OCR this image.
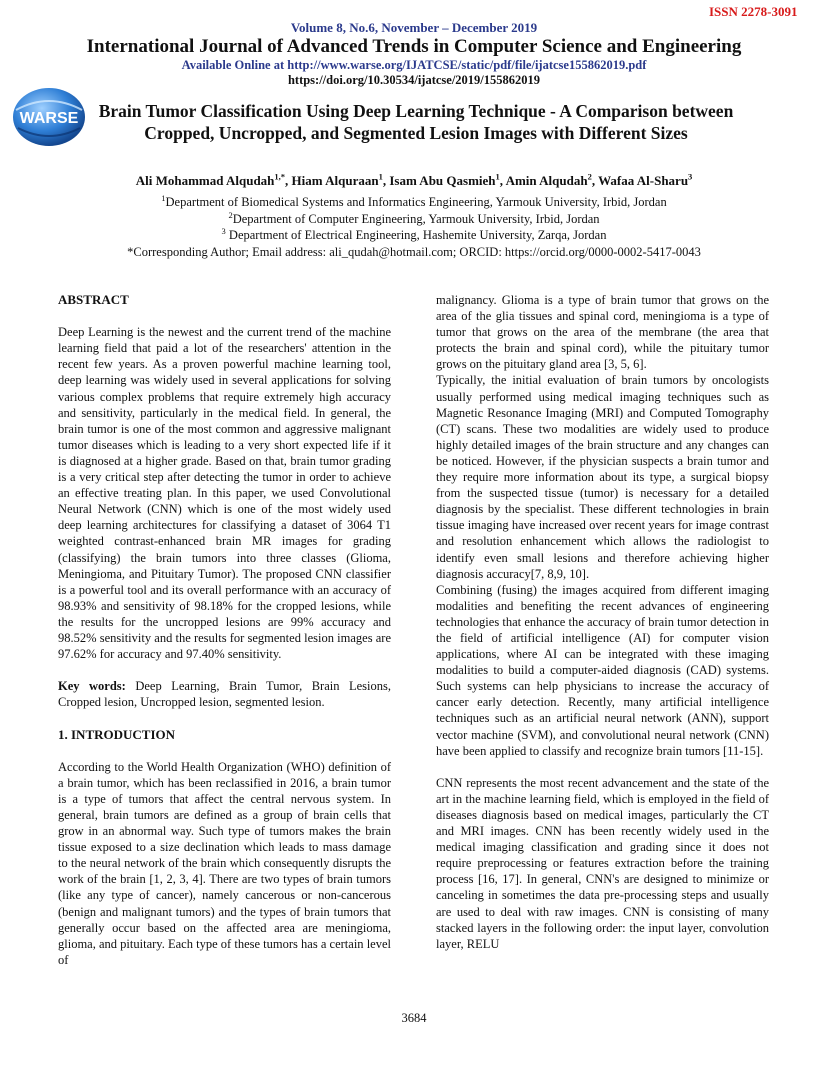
ISSN 2278-3091
Volume 8, No.6, November – December 2019
International Journal of Advanced Trends in Computer Science and Engineering
Available Online at http://www.warse.org/IJATCSE/static/pdf/file/ijatcse155862019.pdf
https://doi.org/10.30534/ijatcse/2019/155862019
WARSE Brain Tumor Classification Using Deep Learning Technique - A Comparison between Cropped, Uncropped, and Segmented Lesion Images with Different Sizes
Ali Mohammad Alqudah$^{1,*}$, Hiam Alquraan$^1$, Isam Abu Qasmieh$^1$, Amin Alqudah$^2$, Wafaa Al-Sharu$^3$
$^1$Department of Biomedical Systems and Informatics Engineering, Yarmouk University, Irbid, Jordan
$^2$Department of Computer Engineering, Yarmouk University, Irbid, Jordan
$^3$ Department of Electrical Engineering, Hashemite University, Zarqa, Jordan
*Corresponding Author; Email address: ali_qudah@hotmail.com; ORCID: https://orcid.org/0000-0002-5417-0043
ABSTRACT

Deep Learning is the newest and the current trend of the machine learning field that paid a lot of the researchers' attention in the recent few years. As a proven powerful machine learning tool, deep learning was widely used in several applications for solving various complex problems that require extremely high accuracy and sensitivity, particularly in the medical field. In general, the brain tumor is one of the most common and aggressive malignant tumor diseases which is leading to a very short expected life if it is diagnosed at a higher grade. Based on that, brain tumor grading is a very critical step after detecting the tumor in order to achieve an effective treating plan. In this paper, we used Convolutional Neural Network (CNN) which is one of the most widely used deep learning architectures for classifying a dataset of 3064 T1 weighted contrast-enhanced brain MR images for grading (classifying) the brain tumors into three classes (Glioma, Meningioma, and Pituitary Tumor). The proposed CNN classifier is a powerful tool and its overall performance with an accuracy of 98.93% and sensitivity of 98.18% for the cropped lesions, while the results for the uncropped lesions are 99% accuracy and 98.52% sensitivity and the results for segmented lesion images are 97.62% for accuracy and 97.40% sensitivity.

Key words: Deep Learning, Brain Tumor, Brain Lesions, Cropped lesion, Uncropped lesion, segmented lesion.

1. INTRODUCTION

According to the World Health Organization (WHO) definition of a brain tumor, which has been reclassified in 2016, a brain tumor is a type of tumors that affect the central nervous system. In general, brain tumors are defined as a group of brain cells that grow in an abnormal way. Such type of tumors makes the brain tissue exposed to a size declination which leads to mass damage to the neural network of the brain which consequently disrupts the work of the brain [1, 2, 3, 4]. There are two types of brain tumors (like any type of cancer), namely cancerous or non-cancerous (benign and malignant tumors) and the types of brain tumors that generally occur based on the affected area are meningioma, glioma, and pituitary. Each type of these tumors has a certain level of

malignancy. Glioma is a type of brain tumor that grows on the area of the glia tissues and spinal cord, meningioma is a type of tumor that grows on the area of the membrane (the area that protects the brain and spinal cord), while the pituitary tumor grows on the pituitary gland area [3, 5, 6].

Typically, the initial evaluation of brain tumors by oncologists usually performed using medical imaging techniques such as Magnetic Resonance Imaging (MRI) and Computed Tomography (CT) scans. These two modalities are widely used to produce highly detailed images of the brain structure and any changes can be noticed. However, if the physician suspects a brain tumor and they require more information about its type, a surgical biopsy from the suspected tissue (tumor) is necessary for a detailed diagnosis by the specialist. These different technologies in brain tissue imaging have increased over recent years for image contrast and resolution enhancement which allows the radiologist to identify even small lesions and therefore achieving higher diagnosis accuracy[7, 8,9, 10].

Combining (fusing) the images acquired from different imaging modalities and benefiting the recent advances of engineering technologies that enhance the accuracy of brain tumor detection in the field of artificial intelligence (AI) for computer vision applications, where AI can be integrated with these imaging modalities to build a computer-aided diagnosis (CAD) systems. Such systems can help physicians to increase the accuracy of cancer early detection. Recently, many artificial intelligence techniques such as an artificial neural network (ANN), support vector machine (SVM), and convolutional neural network (CNN) have been applied to classify and recognize brain tumors [11-15].

CNN represents the most recent advancement and the state of the art in the machine learning field, which is employed in the field of diseases diagnosis based on medical images, particularly the CT and MRI images. CNN has been recently widely used in the medical imaging classification and grading since it does not require preprocessing or features extraction before the training process [16, 17]. In general, CNN's are designed to minimize or canceling in sometimes the data pre-processing steps and usually are used to deal with raw images. CNN is consisting of many stacked layers in the following order: the input layer, convolution layer, RELU

3684
